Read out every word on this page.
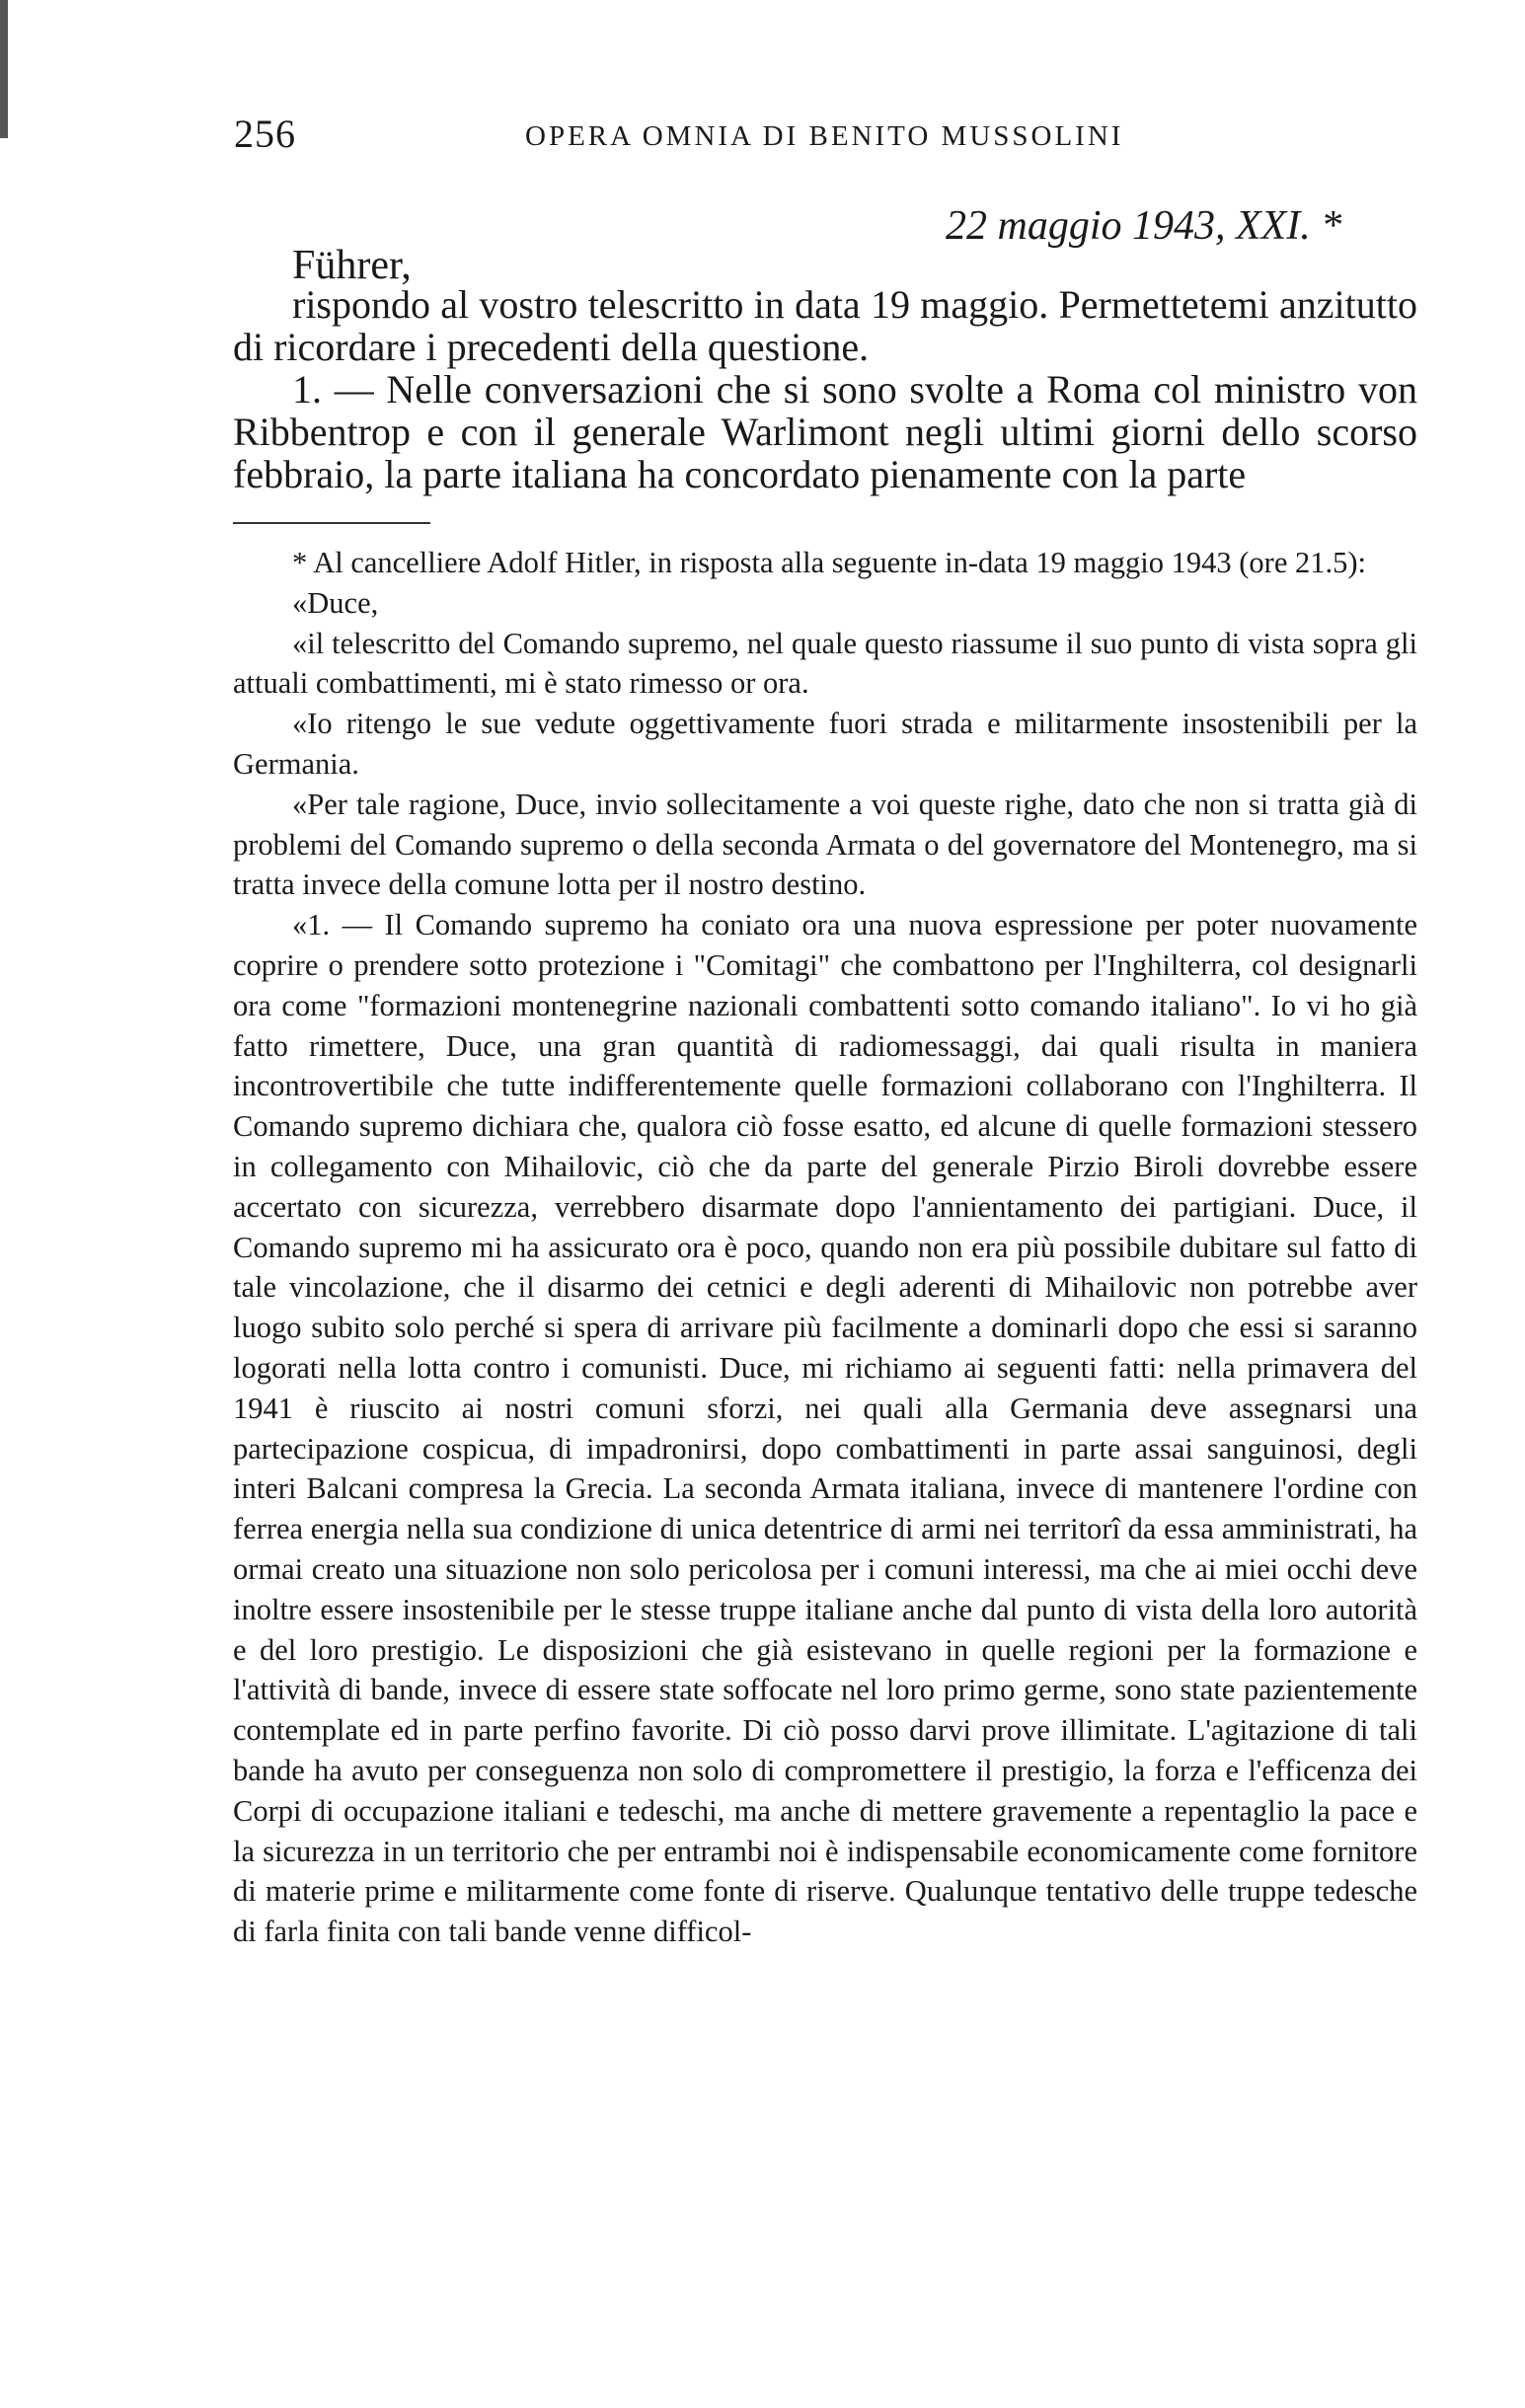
256	OPERA OMNIA DI BENITO MUSSOLINI
22 maggio 1943, XXI. *
Führer,

rispondo al vostro telescritto in data 19 maggio. Permettetemi anzitutto di ricordare i precedenti della questione.

1. — Nelle conversazioni che si sono svolte a Roma col ministro von Ribbentrop e con il generale Warlimont negli ultimi giorni dello scorso febbraio, la parte italiana ha concordato pienamente con la parte

* Al cancelliere Adolf Hitler, in risposta alla seguente in-data 19 maggio 1943 (ore 21.5):

«Duce,

«il telescritto del Comando supremo, nel quale questo riassume il suo punto di vista sopra gli attuali combattimenti, mi è stato rimesso or ora.

«Io ritengo le sue vedute oggettivamente fuori strada e militarmente insostenibili per la Germania.

«Per tale ragione, Duce, invio sollecitamente a voi queste righe, dato che non si tratta già di problemi del Comando supremo o della seconda Armata o del governatore del Montenegro, ma si tratta invece della comune lotta per il nostro destino.

«1. — Il Comando supremo ha coniato ora una nuova espressione per poter nuovamente coprire o prendere sotto protezione i "Comitagi" che combattono per l'Inghilterra, col designarli ora come "formazioni montenegrine nazionali combattenti sotto comando italiano". Io vi ho già fatto rimettere, Duce, una gran quantità di radiomessaggi, dai quali risulta in maniera incontrovertibile che tutte indifferentemente quelle formazioni collaborano con l'Inghilterra. Il Comando supremo dichiara che, qualora ciò fosse esatto, ed alcune di quelle formazioni stessero in collegamento con Mihailovic, ciò che da parte del generale Pirzio Biroli dovrebbe essere accertato con sicurezza, verrebbero disarmate dopo l'annientamento dei partigiani. Duce, il Comando supremo mi ha assicurato ora è poco, quando non era più possibile dubitare sul fatto di tale vincolazione, che il disarmo dei cetnici e degli aderenti di Mihailovic non potrebbe aver luogo subito solo perché si spera di arrivare più facilmente a dominarli dopo che essi si saranno logorati nella lotta contro i comunisti. Duce, mi richiamo ai seguenti fatti: nella primavera del 1941 è riuscito ai nostri comuni sforzi, nei quali alla Germania deve assegnarsi una partecipazione cospicua, di impadronirsi, dopo combattimenti in parte assai sanguinosi, degli interi Balcani compresa la Grecia. La seconda Armata italiana, invece di mantenere l'ordine con ferrea energia nella sua condizione di unica detentrice di armi nei territorî da essa amministrati, ha ormai creato una situazione non solo pericolosa per i comuni interessi, ma che ai miei occhi deve inoltre essere insostenibile per le stesse truppe italiane anche dal punto di vista della loro autorità e del loro prestigio. Le disposizioni che già esistevano in quelle regioni per la formazione e l'attività di bande, invece di essere state soffocate nel loro primo germe, sono state pazientemente contemplate ed in parte perfino favorite. Di ciò posso darvi prove illimitate. L'agitazione di tali bande ha avuto per conseguenza non solo di compromettere il prestigio, la forza e l'efficenza dei Corpi di occupazione italiani e tedeschi, ma anche di mettere gravemente a repentaglio la pace e la sicurezza in un territorio che per entrambi noi è indispensabile economicamente come fornitore di materie prime e militarmente come fonte di riserve. Qualunque tentativo delle truppe tedesche di farla finita con tali bande venne difficol-
